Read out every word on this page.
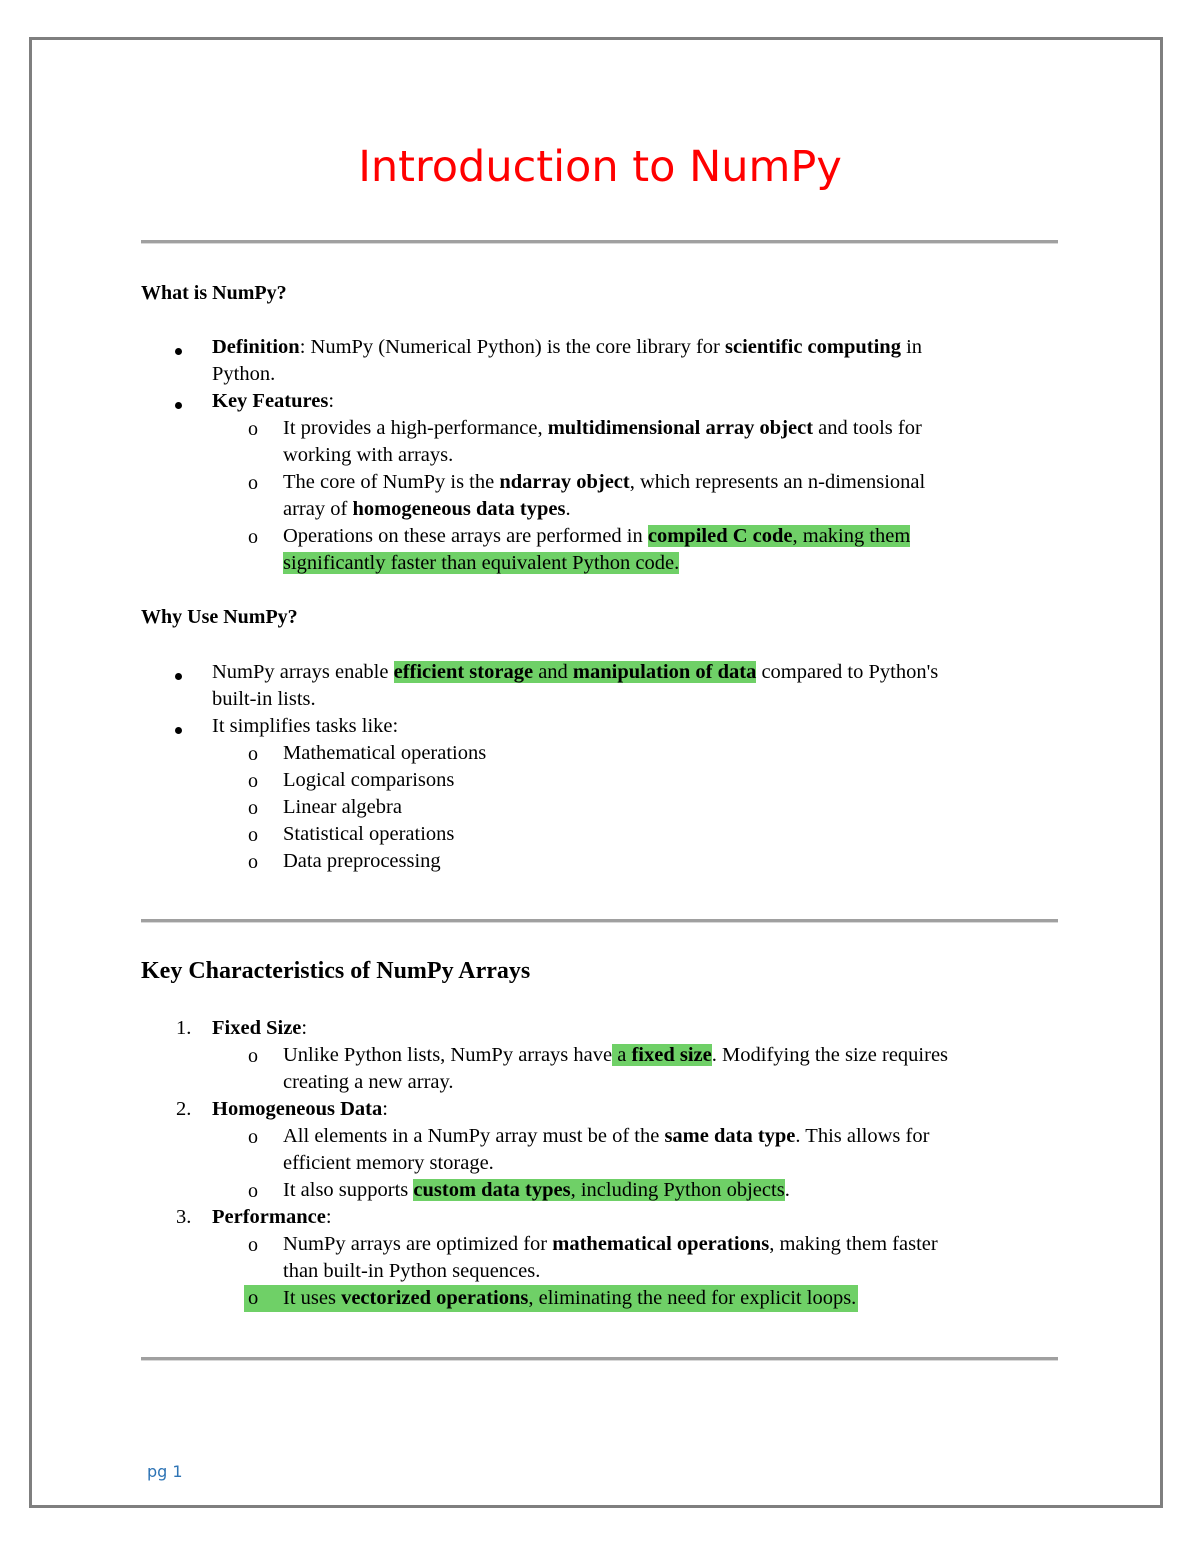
Introduction to NumPy

What is NumPy?

Definition: NumPy (Numerical Python) is the core library for scientific computing in

Python.

Key Features:

o It provides a high-performance, multidimensional array object and tools for

working with arrays.

o The core of NumPy is the ndarray object, which represents an n-dimensional

array of homogeneous data types.

o Operations on these arrays are performed in compiled C code, making them

significantly faster than equivalent Python code.

Why Use NumPy?

NumPy arrays enable efficient storage and manipulation of data compared to Python's

built-in lists.

It simplifies tasks like:

o Mathematical operations

o Logical comparisons

o Linear algebra

o Statistical operations

o Data preprocessing

Key Characteristics of NumPy Arrays

1. Fixed Size:

o Unlike Python lists, NumPy arrays have a fixed size. Modifying the size requires

creating a new array.

2. Homogeneous Data:

o All elements in a NumPy array must be of the same data type. This allows for

efficient memory storage.

o It also supports custom data types, including Python objects.

3. Performance:

o NumPy arrays are optimized for mathematical operations, making them faster

than built-in Python sequences.

o It uses vectorized operations, eliminating the need for explicit loops.

pg 1
